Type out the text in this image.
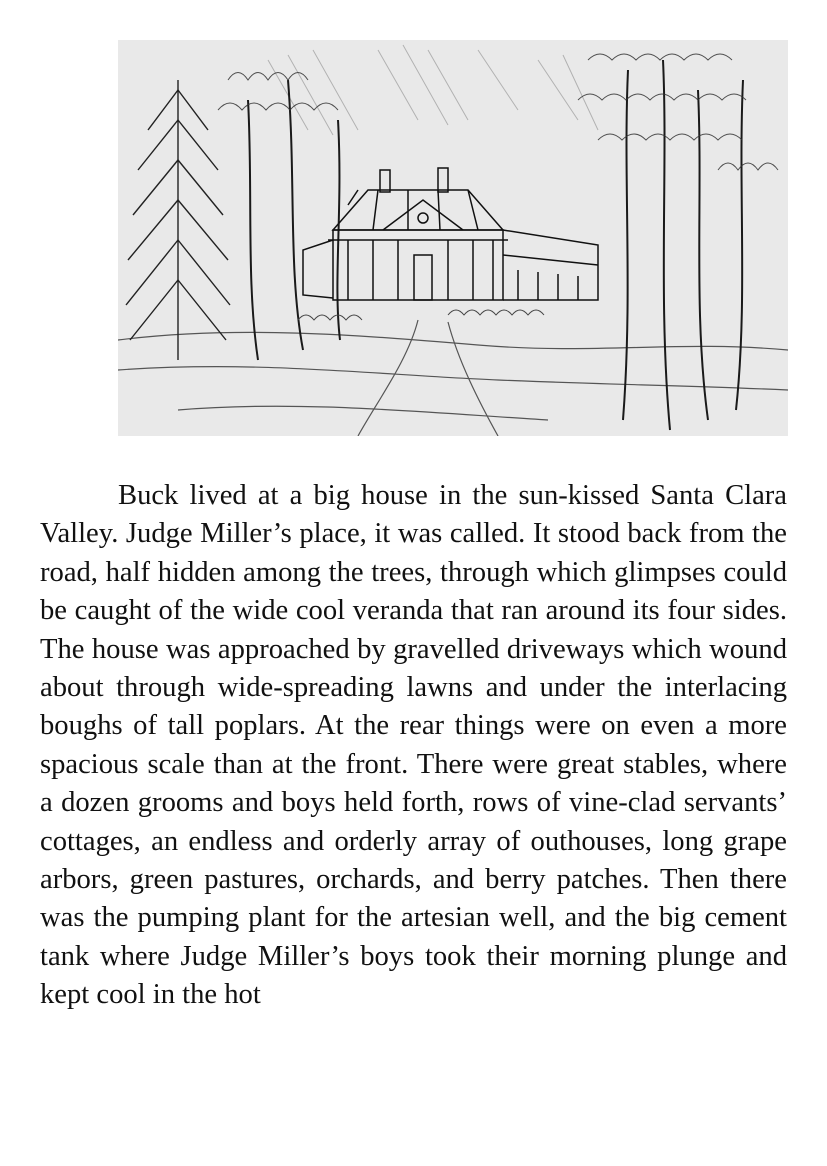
Buck lived at a big house in the sun-kissed Santa Clara Valley. Judge Miller’s place, it was called. It stood back from the road, half hidden among the trees, through which glimpses could be caught of the wide cool veranda that ran around its four sides. The house was approached by gravelled driveways which wound about through wide-spreading lawns and under the interlacing boughs of tall poplars. At the rear things were on even a more spacious scale than at the front. There were great stables, where a dozen grooms and boys held forth, rows of vine-clad servants’ cottages, an endless and orderly array of outhouses, long grape arbors, green pastures, orchards, and berry patches. Then there was the pumping plant for the artesian well, and the big cement tank where Judge Miller’s boys took their morning plunge and kept cool in the hot
